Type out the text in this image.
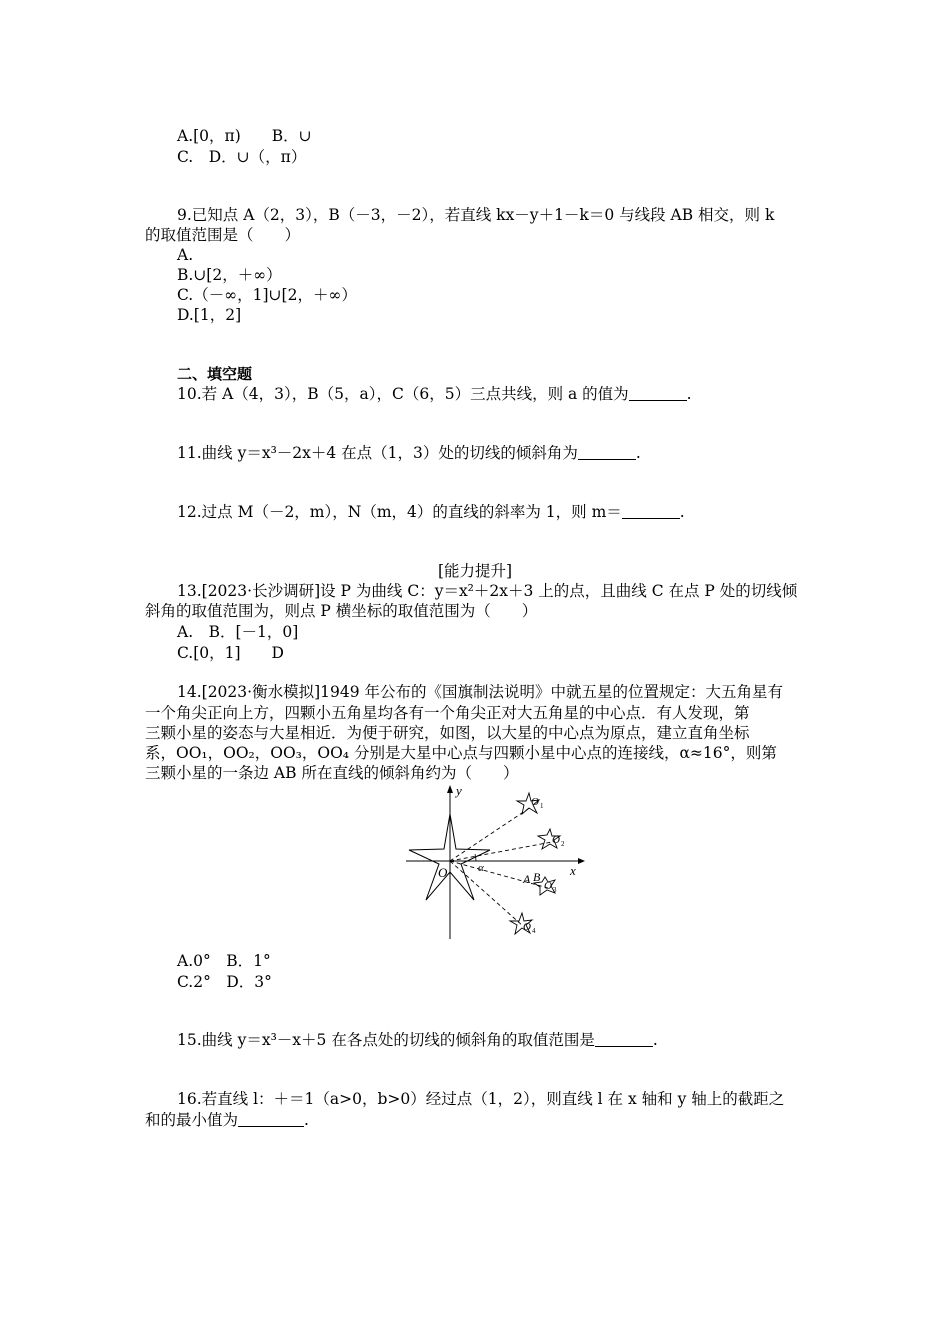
A.[0，π)　　B．∪
C.　D．∪（，π）
9.已知点 A（2，3），B（－3，－2），若直线 kx－y＋1－k＝0 与线段 AB 相交，则 k
的取值范围是（　　）
A.
B.∪[2，＋∞）
C.（－∞，1]∪[2，＋∞）
D.[1，2]
二、填空题
10.若 A（4，3），B（5，a），C（6，5）三点共线，则 a 的值为	.
11.曲线 y＝x³－2x＋4 在点（1，3）处的切线的倾斜角为	.
12.过点 M（－2，m），N（m，4）的直线的斜率为 1，则 m＝	.
[能力提升]
13.[2023·长沙调研]设 P 为曲线 C：y＝x²＋2x＋3 上的点，且曲线 C 在点 P 处的切线倾
斜角的取值范围为，则点 P 横坐标的取值范围为（　　）
A.　B．[－1，0]
C.[0，1]　　D
14.[2023·衡水模拟]1949 年公布的《国旗制法说明》中就五星的位置规定：大五角星有
一个角尖正向上方，四颗小五角星均各有一个角尖正对大五角星的中心点．有人发现，第
三颗小星的姿态与大星相近．为便于研究，如图，以大星的中心点为原点，建立直角坐标
系，OO₁，OO₂，OO₃，OO₄ 分别是大星中心点与四颗小星中心点的连接线，α≈16°，则第
三颗小星的一条边 AB 所在直线的倾斜角约为（　　）
y
x
O	α
A B
O
O
O
O
1
2
3
4
A.0°　B．1°
C.2°　D．3°
15.曲线 y＝x³－x＋5 在各点处的切线的倾斜角的取值范围是	.
16.若直线 l：＋＝1（a>0，b>0）经过点（1，2），则直线 l 在 x 轴和 y 轴上的截距之
和的最小值为	.
